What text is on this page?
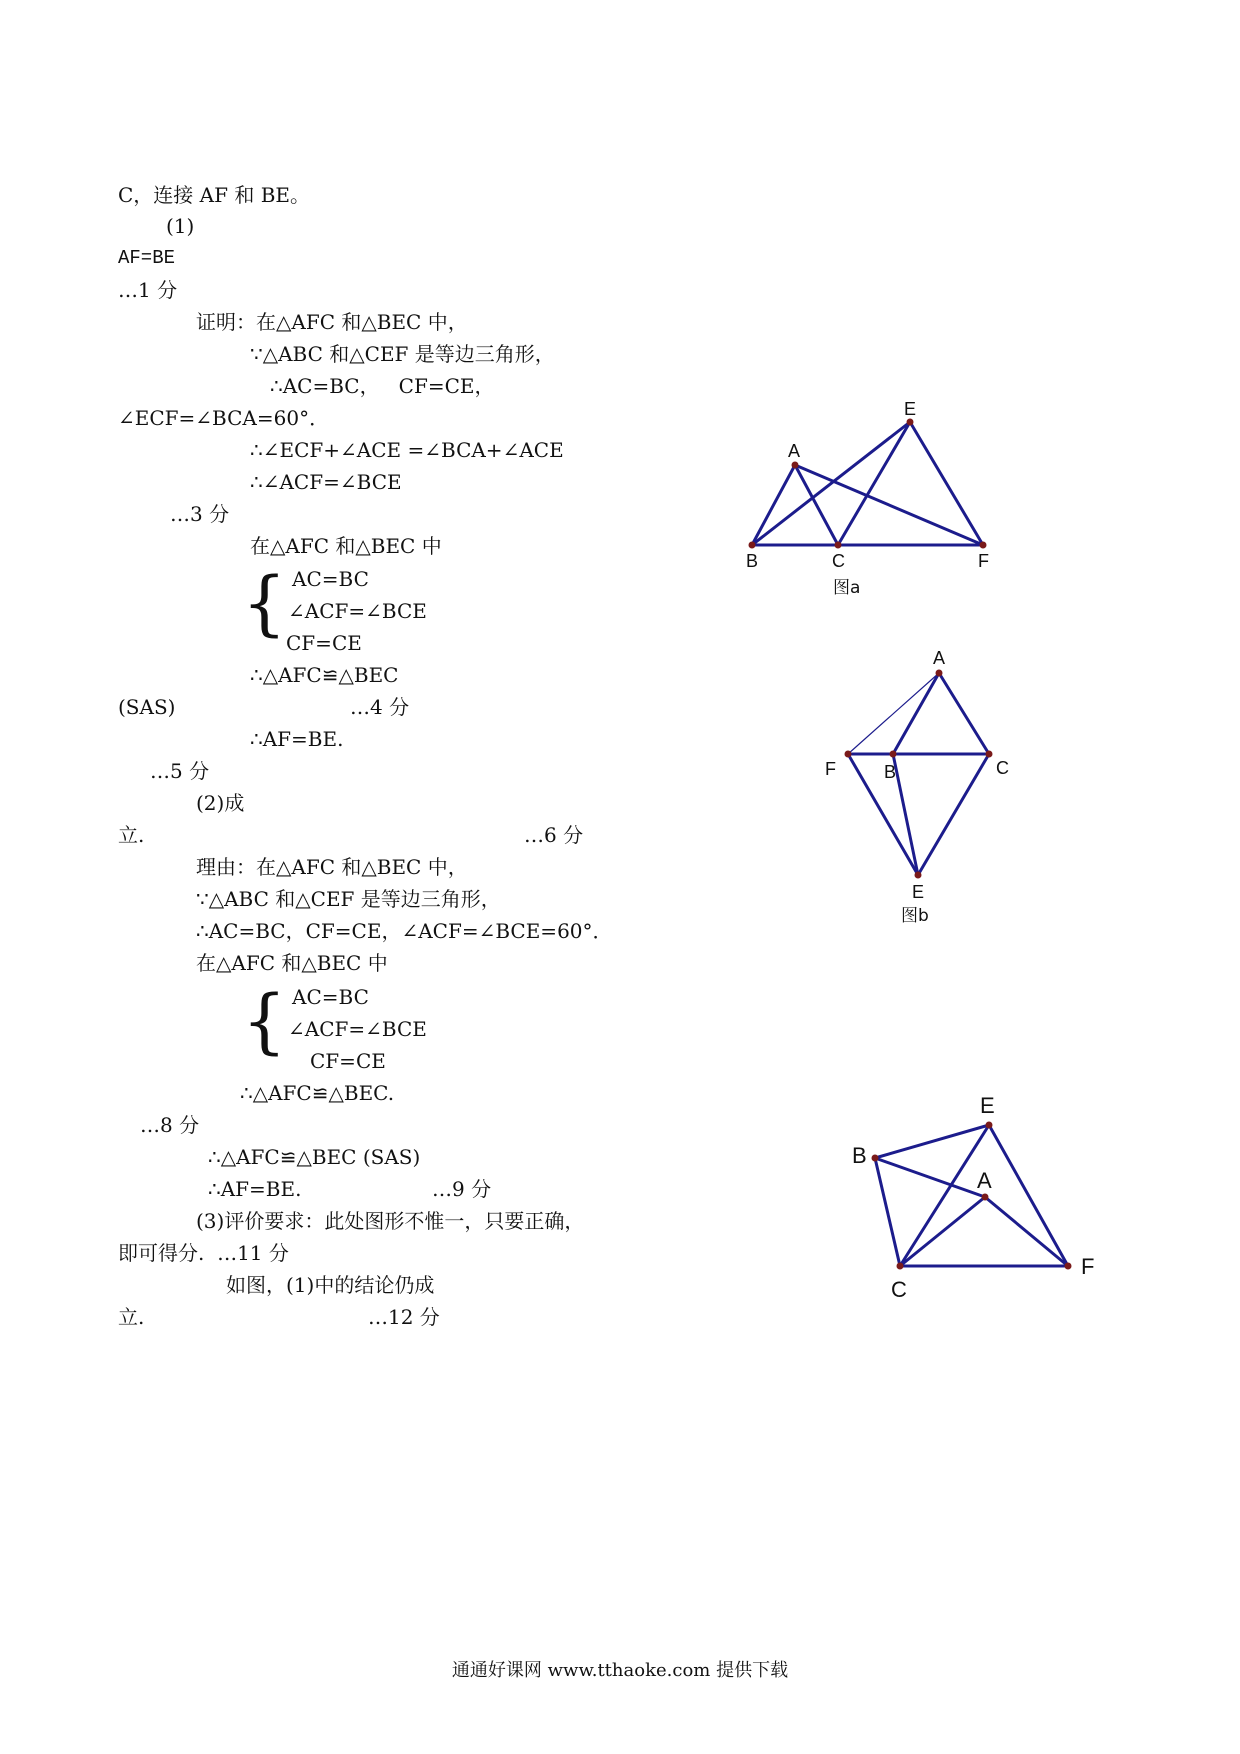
C，连接 AF 和 BE。
(1)
AF=BE
…1 分
证明：在△AFC 和△BEC 中，
∵△ABC 和△CEF 是等边三角形，
∴AC=BC，   CF=CE，
∠ECF=∠BCA=60°．
∴∠ECF+∠ACE =∠BCA+∠ACE
∴∠ACF=∠BCE
…3 分
在△AFC 和△BEC 中
{ AC=BC
∠ACF=∠BCE
CF=CE
∴△AFC≌△BEC
(SAS)	…4 分
∴AF=BE.
…5 分
(2)成
立.	…6 分
理由：在△AFC 和△BEC 中，
∵△ABC 和△CEF 是等边三角形，
∴AC=BC，CF=CE，∠ACF=∠BCE=60°．
在△AFC 和△BEC 中
{ AC=BC
∠ACF=∠BCE
CF=CE
∴△AFC≌△BEC.
…8 分
∴△AFC≌△BEC (SAS)
∴AF=BE.	…9 分
(3)评价要求：此处图形不惟一，只要正确，
即可得分.  …11 分
如图，(1)中的结论仍成
立.	…12 分
A
B	C
E
F
图a
A
F	B	C
E
图b
E
B
A
C
F
通通好课网 www.tthaoke.com 提供下载
